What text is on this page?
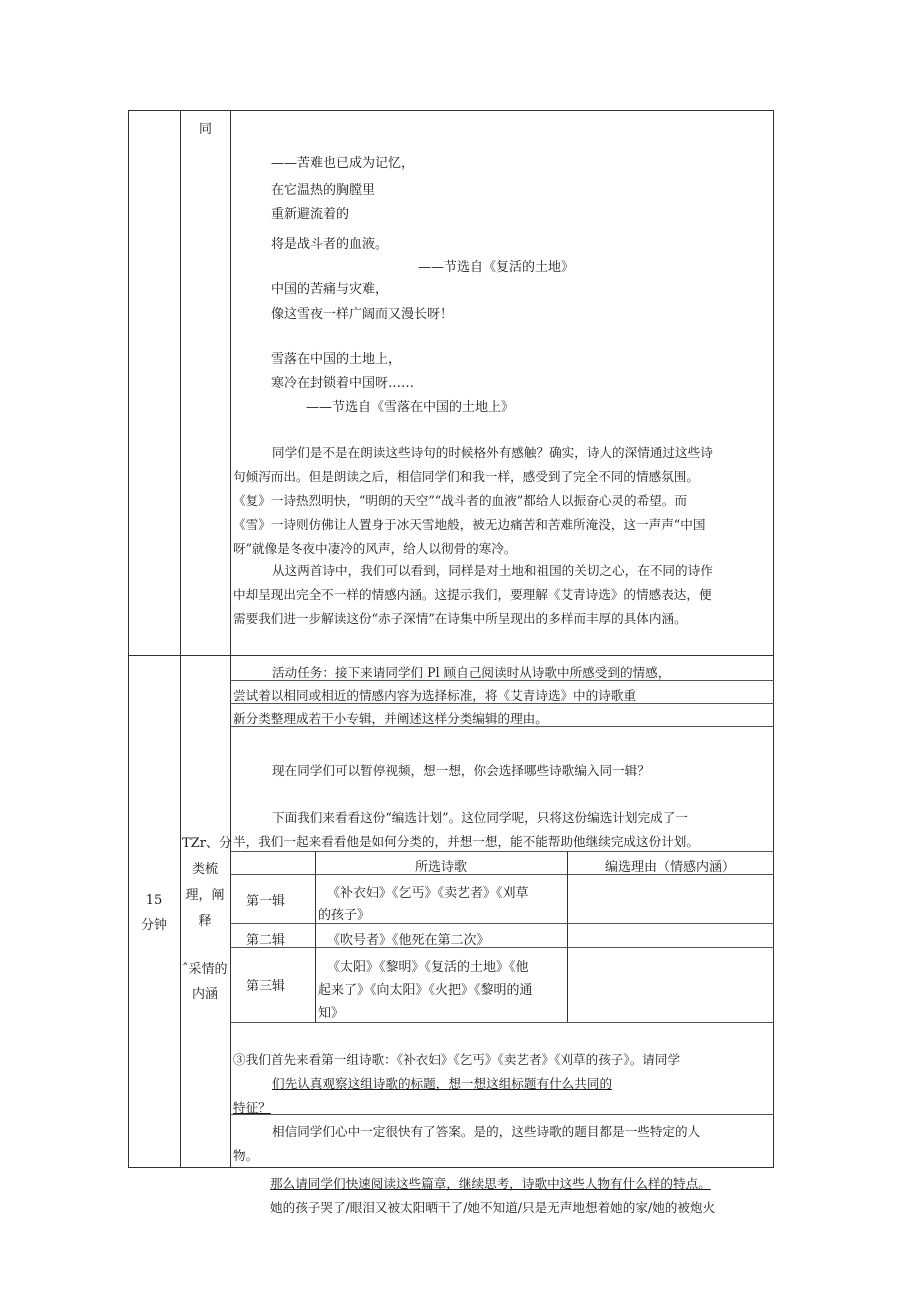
同
——苦难也已成为记忆，
在它温热的胸膛里
重新避流着的
将是战斗者的血液。
——节选自《复活的土地》
中国的苦痛与灾难，
像这雪夜一样广阔而又漫长呀！
雪落在中国的土地上，
寒冷在封锁着中国呀……
——节选自《雪落在中国的土地上》
同学们是不是在朗读这些诗句的时候格外有感触？确实，诗人的深情通过这些诗
句倾泻而出。但是朗读之后，相信同学们和我一样，感受到了完全不同的情感氛围。
《复》一诗热烈明快，“明朗的天空”“战斗者的血液”都给人以振奋心灵的希望。而
《雪》一诗则仿佛让人置身于冰天雪地般，被无边痛苦和苦难所淹没，这一声声“中国
呀”就像是冬夜中凄冷的风声，给人以彻骨的寒冷。
从这两首诗中，我们可以看到，同样是对土地和祖国的关切之心，在不同的诗作
中却呈现出完全不一样的情感内涵。这提示我们，要理解《艾青诗选》的情感表达，便
需要我们进一步解读这份“赤子深情”在诗集中所呈现出的多样而丰厚的具体内涵。
15
分钟
TZr、分
类梳
理，阐
释
ˆ采情的
内涵
活动任务：接下来请同学们 Pl 顾自己阅读时从诗歌中所感受到的情感，
尝试着以相同或相近的情感内容为选择标准，将《艾青诗选》中的诗歌重
新分类整理成若干小专辑，并阐述这样分类编辑的理由。
现在同学们可以暂停视频，想一想，你会选择哪些诗歌编入同一辑？
下面我们来看看这份“编选计划”。这位同学呢，只将这份编选计划完成了一
半，我们一起来看看他是如何分类的，并想一想，能不能帮助他继续完成这份计划。
所选诗歌	编选理由（情感内涵）
第一辑
《补衣妇》《乞丐》《卖艺者》《刈草
的孩子》
第二辑	《吹号者》《他死在第二次》
第三辑
《太阳》《黎明》《复活的土地》《他
起来了》《向太阳》《火把》《黎明的通
知》
③我们首先来看第一组诗歌：《补衣妇》《乞丐》《卖艺者》《刈草的孩子》。请同学
们先认真观察这组诗歌的标题，想一想这组标题有什么共同的
特征？
相信同学们心中一定很快有了答案。是的，这些诗歌的题目都是一些特定的人
物。
那么请同学们快速阅读这些篇章，继续思考，诗歌中这些人物有什么样的特点。
她的孩子哭了/眼泪又被太阳晒干了/她不知道/只是无声地想着她的家/她的被炮火
